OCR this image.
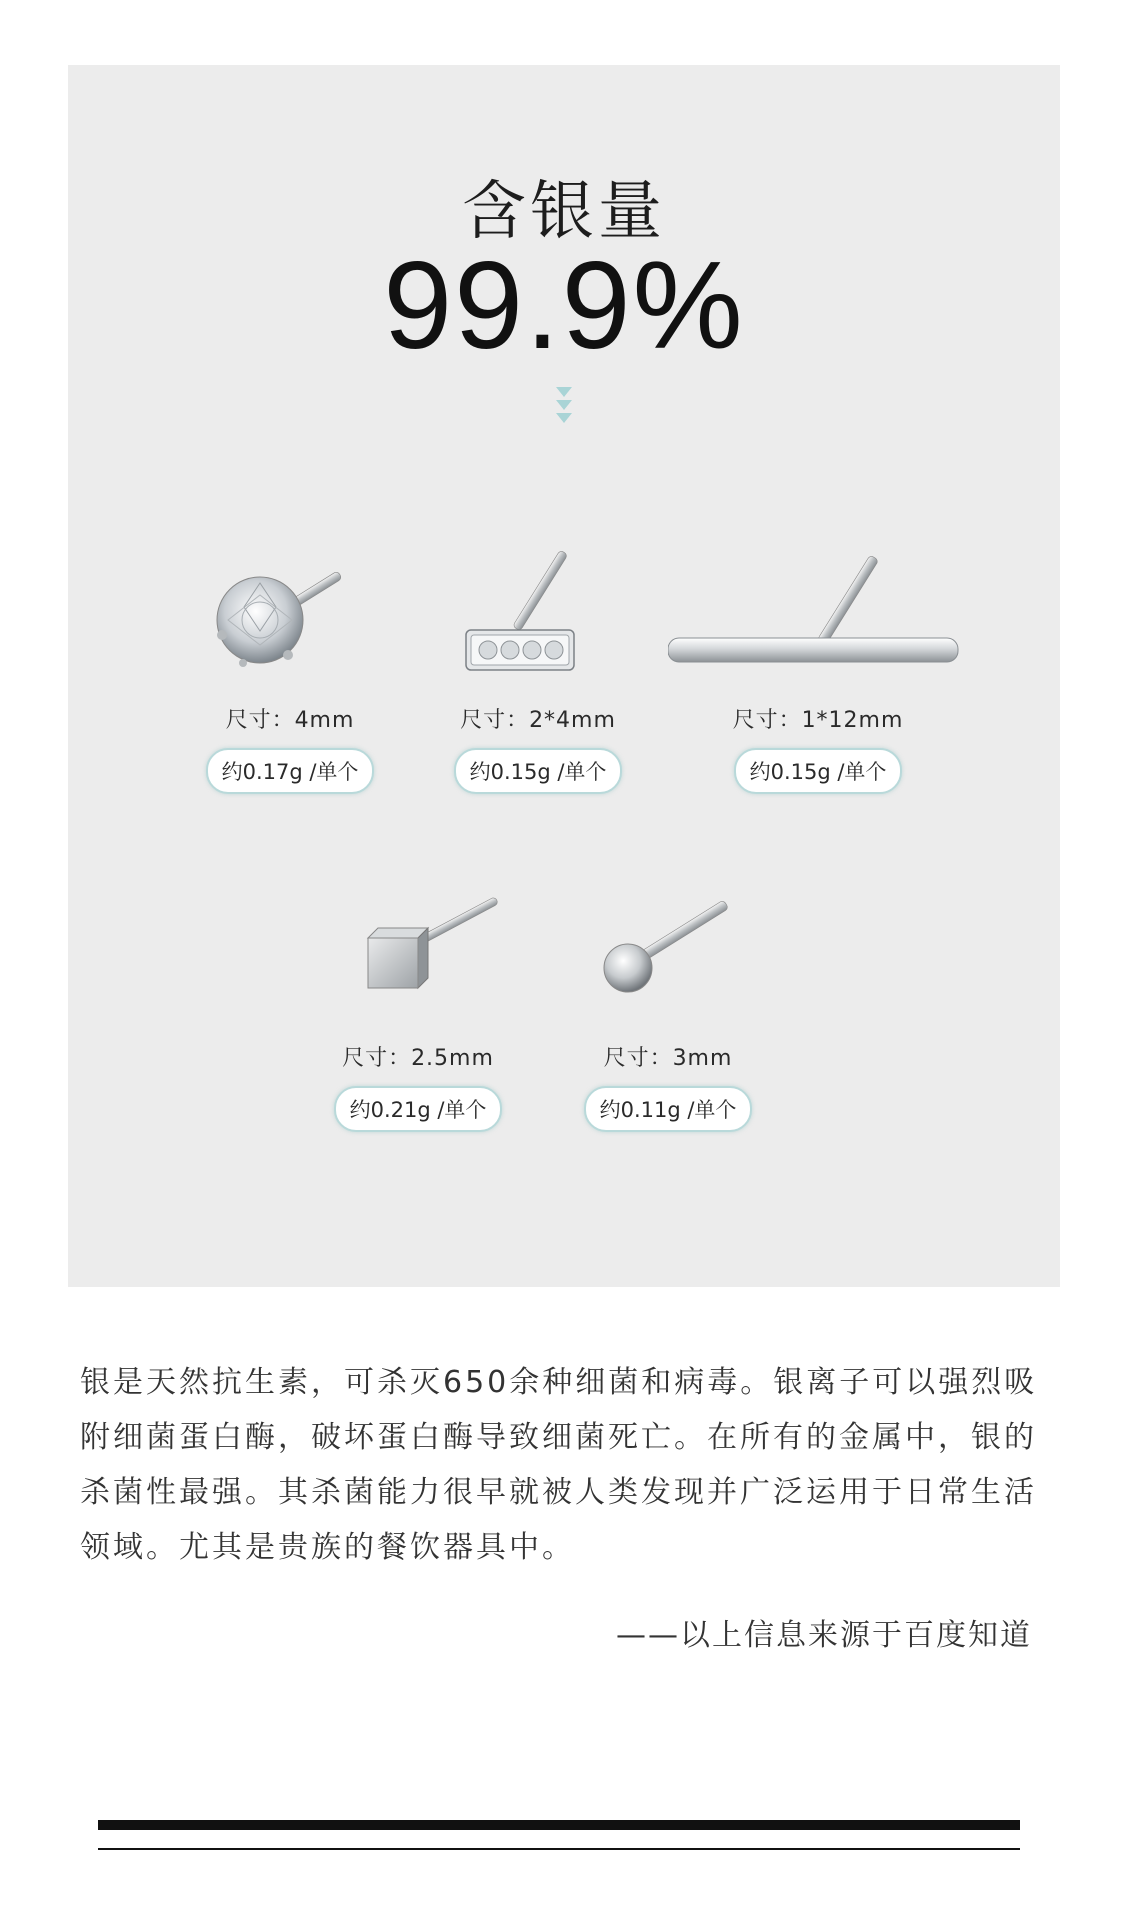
含银量
99.9%
尺寸：4mm
约0.17g /单个
尺寸：2*4mm
约0.15g /单个
尺寸：1*12mm
约0.15g /单个
尺寸：2.5mm
约0.21g /单个
尺寸：3mm
约0.11g /单个
银是天然抗生素，可杀灭650余种细菌和病毒。银离子可以强烈吸附细菌蛋白酶，破坏蛋白酶导致细菌死亡。在所有的金属中，银的杀菌性最强。其杀菌能力很早就被人类发现并广泛运用于日常生活领域。尤其是贵族的餐饮器具中。
——以上信息来源于百度知道
